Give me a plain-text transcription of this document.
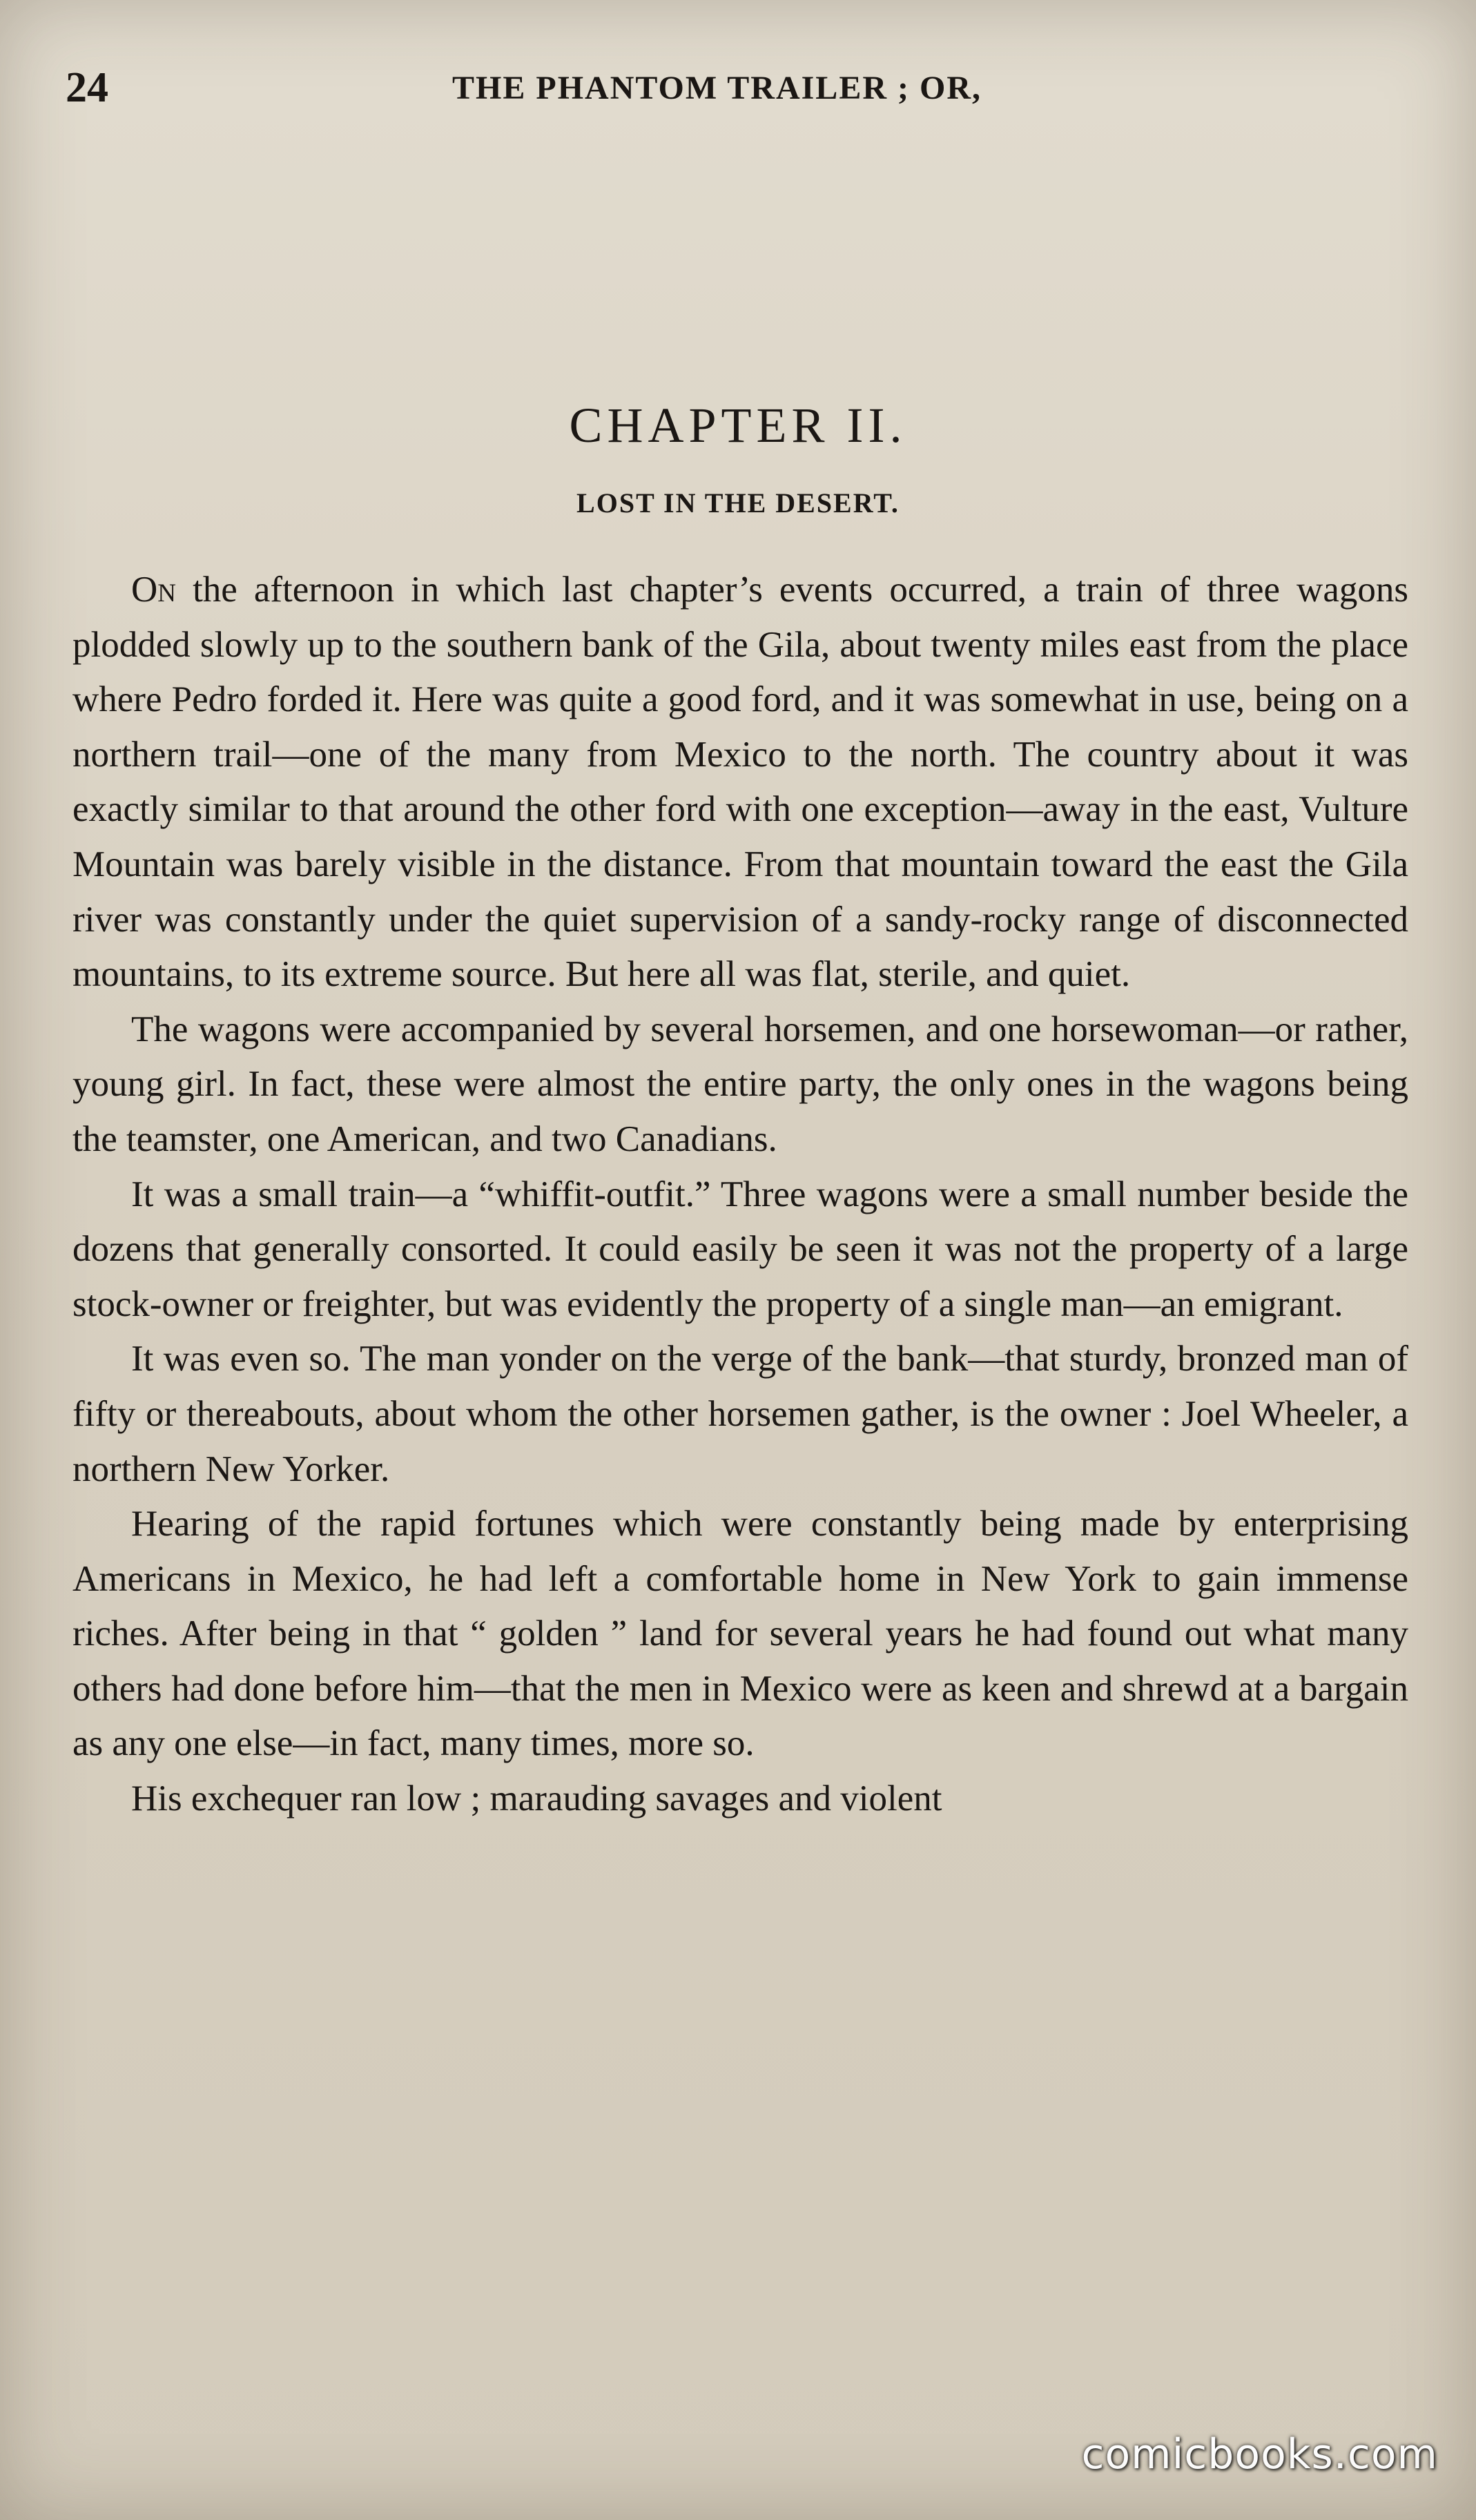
24	THE PHANTOM TRAILER ; OR,
CHAPTER II.
LOST IN THE DESERT.

On the afternoon in which last chapter’s events occurred, a train of three wagons plodded slowly up to the southern bank of the Gila, about twenty miles east from the place where Pedro forded it. Here was quite a good ford, and it was somewhat in use, being on a northern trail—one of the many from Mexico to the north. The country about it was exactly similar to that around the other ford with one exception—away in the east, Vulture Mountain was barely visible in the distance. From that mountain toward the east the Gila river was constantly under the quiet supervision of a sandy-rocky range of disconnected mountains, to its extreme source. But here all was flat, sterile, and quiet.

The wagons were accompanied by several horsemen, and one horsewoman—or rather, young girl. In fact, these were almost the entire party, the only ones in the wagons being the teamster, one American, and two Canadians.

It was a small train—a “whiffit-outfit.” Three wagons were a small number beside the dozens that generally consorted. It could easily be seen it was not the property of a large stock-owner or freighter, but was evidently the property of a single man—an emigrant.

It was even so. The man yonder on the verge of the bank—that sturdy, bronzed man of fifty or thereabouts, about whom the other horsemen gather, is the owner : Joel Wheeler, a northern New Yorker.

Hearing of the rapid fortunes which were constantly being made by enterprising Americans in Mexico, he had left a comfortable home in New York to gain immense riches. After being in that “ golden ” land for several years he had found out what many others had done before him—that the men in Mexico were as keen and shrewd at a bargain as any one else—in fact, many times, more so.

His exchequer ran low ; marauding savages and violent

comicbooks.com
